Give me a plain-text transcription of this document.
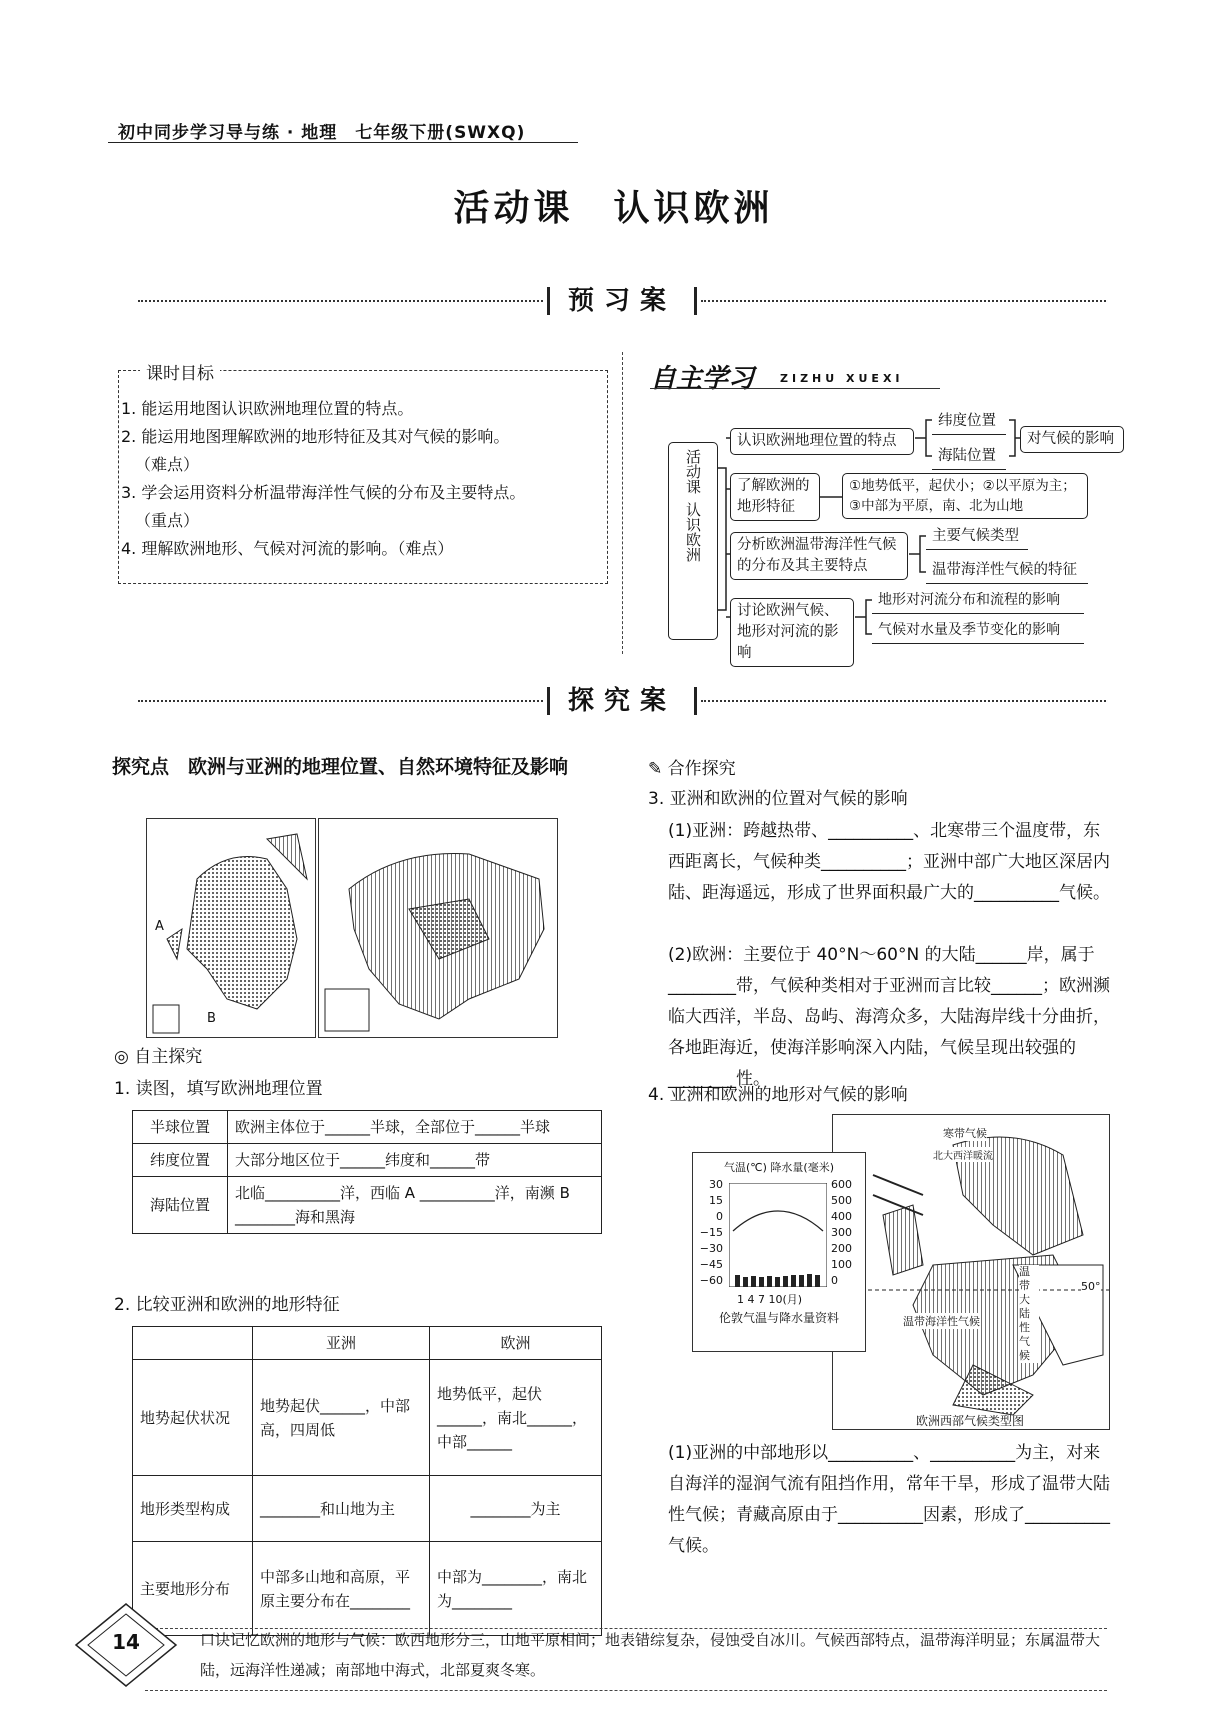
初中同步学习导与练 · 地理　七年级下册(SWXQ)
活动课　认识欧洲
预习案

1. 能运用地图认识欧洲地理位置的特点。

2. 能运用地图理解欧洲的地形特征及其对气候的影响。

（难点）

3. 学会运用资料分析温带海洋性气候的分布及主要特点。

（重点）

4. 理解欧洲地形、气候对河流的影响。（难点）

课时目标	自主学习 ZIZHU XUEXI
活动课
认识欧洲
认识欧洲地理位置的特点
纬度位置
海陆位置
对气候的影响
了解欧洲的地形特征
①地势低平，起伏小；②以平原为主；③中部为平原，南、北为山地
分析欧洲温带海洋性气候的分布及其主要特点
主要气候类型
温带海洋性气候的特征
讨论欧洲气候、地形对河流的影响
地形对河流分布和流程的影响
气候对水量及季节变化的影响
探究案
探究点　欧洲与亚洲的地理位置、自然环境特征及影响
A
B
◎ 自主探究
1. 读图，填写欧洲地理位置
半球位置	欧洲主体位于______半球，全部位于______半球
纬度位置	大部分地区位于______纬度和______带
海陆位置	北临__________洋，西临 A __________洋，南濒 B ________海和黑海
2. 比较亚洲和欧洲的地形特征
	亚洲	欧洲
地势起伏状况	地势起伏______，中部高，四周低	地势低平，起伏______，南北______，中部______
地形类型构成	________和山地为主	________为主
主要地形分布	中部多山地和高原，平原主要分布在________	中部为________，南北为________
✎ 合作探究
3. 亚洲和欧洲的位置对气候的影响
(1)亚洲：跨越热带、__________、北寒带三个温度带，东西距离长，气候种类__________；亚洲中部广大地区深居内陆、距海遥远，形成了世界面积最广大的__________气候。
(2)欧洲：主要位于 40°N～60°N 的大陆______岸，属于________带，气候种类相对于亚洲而言比较______；欧洲濒临大西洋，半岛、岛屿、海湾众多，大陆海岸线十分曲折，各地距海近，使海洋影响深入内陆，气候呈现出较强的________性。
4. 亚洲和欧洲的地形对气候的影响
寒带气候
北大西洋暖流
温带海洋性气候
温带大陆性气候
50°
气温(℃) 降水量(毫米)
30
15
0
−15
−30
−45
−60
600
500
400
300
200
100
0
1 4 7 10(月)
伦敦气温与降水量资料
欧洲西部气候类型图
(1)亚洲的中部地形以__________、__________为主，对来自海洋的湿润气流有阻挡作用，常年干旱，形成了温带大陆性气候；青藏高原由于__________因素，形成了__________气候。
14	口诀记忆欧洲的地形与气候：欧西地形分三，山地平原相间；地表错综复杂，侵蚀受自冰川。气候西部特点，温带海洋明显；东属温带大陆，远海洋性递减；南部地中海式，北部夏爽冬寒。
